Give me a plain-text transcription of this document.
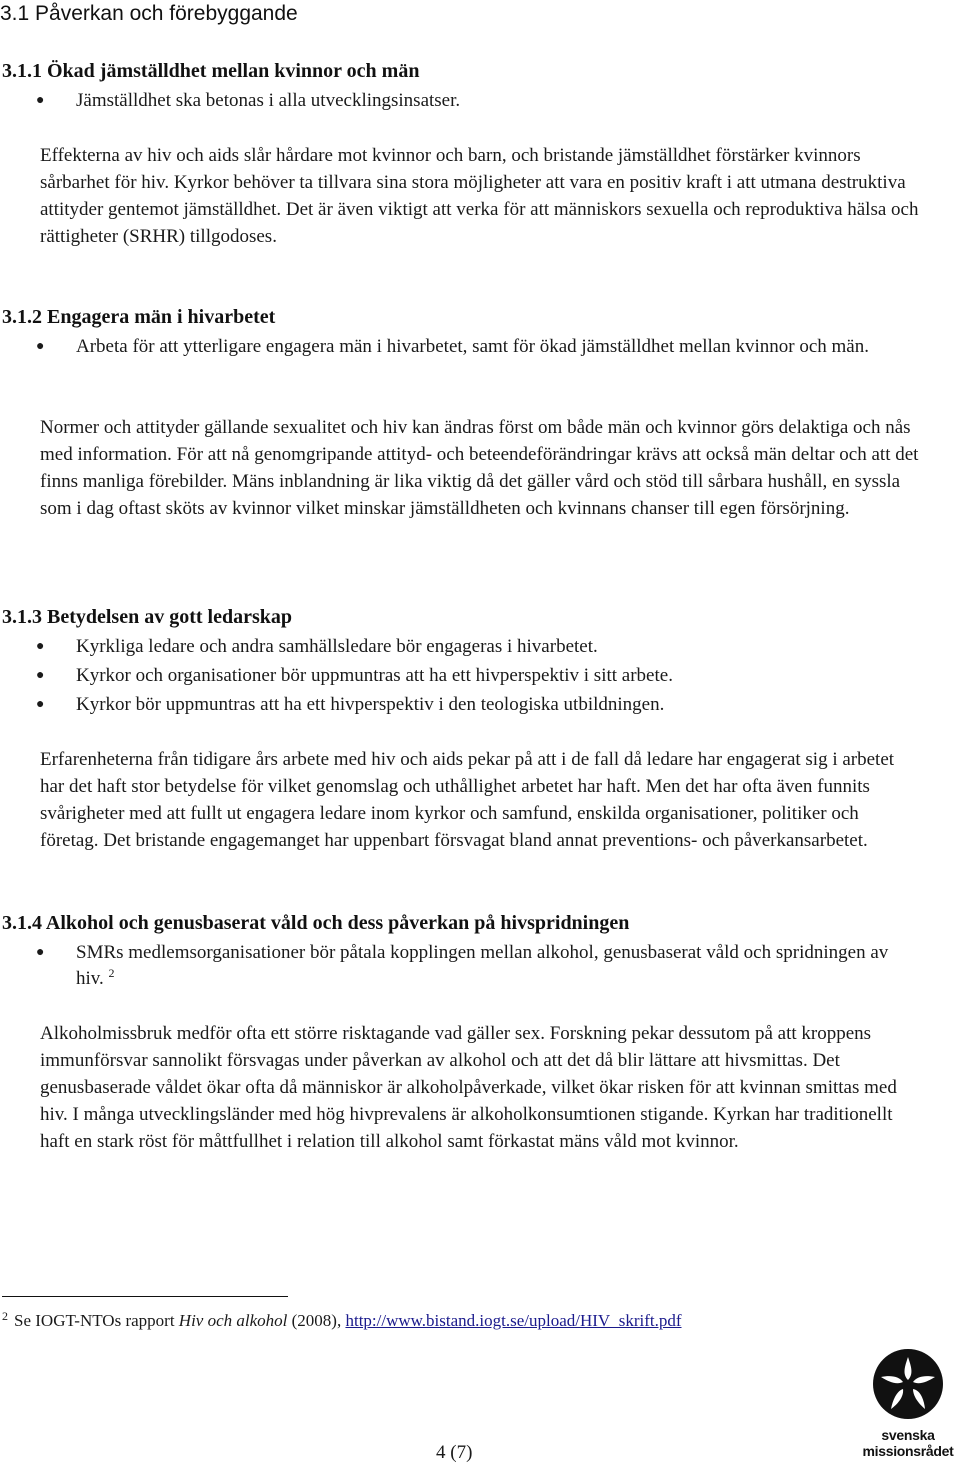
3.1 Påverkan och förebyggande
3.1.1 Ökad jämställdhet mellan kvinnor och män
● Jämställdhet ska betonas i alla utvecklingsinsatser.

Effekterna av hiv och aids slår hårdare mot kvinnor och barn, och bristande jämställdhet förstärker kvinnors sårbarhet för hiv. Kyrkor behöver ta tillvara sina stora möjligheter att vara en positiv kraft i att utmana destruktiva attityder gentemot jämställdhet. Det är även viktigt att verka för att människors sexuella och reproduktiva hälsa och rättigheter (SRHR) tillgodoses.

3.1.2 Engagera män i hivarbetet
● Arbeta för att ytterligare engagera män i hivarbetet, samt för ökad jämställdhet mellan kvinnor och män.

Normer och attityder gällande sexualitet och hiv kan ändras först om både män och kvinnor görs delaktiga och nås med information. För att nå genomgripande attityd- och beteendeförändringar krävs att också män deltar och att det finns manliga förebilder. Mäns inblandning är lika viktig då det gäller vård och stöd till sårbara hushåll, en syssla som i dag oftast sköts av kvinnor vilket minskar jämställdheten och kvinnans chanser till egen försörjning.

3.1.3 Betydelsen av gott ledarskap
● Kyrkliga ledare och andra samhällsledare bör engageras i hivarbetet.
● Kyrkor och organisationer bör uppmuntras att ha ett hivperspektiv i sitt arbete.
● Kyrkor bör uppmuntras att ha ett hivperspektiv i den teologiska utbildningen.

Erfarenheterna från tidigare års arbete med hiv och aids pekar på att i de fall då ledare har engagerat sig i arbetet har det haft stor betydelse för vilket genomslag och uthållighet arbetet har haft. Men det har ofta även funnits svårigheter med att fullt ut engagera ledare inom kyrkor och samfund, enskilda organisationer, politiker och företag. Det bristande engagemanget har uppenbart försvagat bland annat preventions- och påverkansarbetet.

3.1.4 Alkohol och genusbaserat våld och dess påverkan på hivspridningen
● SMRs medlemsorganisationer bör påtala kopplingen mellan alkohol, genusbaserat våld och spridningen av hiv. $^2$

Alkoholmissbruk medför ofta ett större risktagande vad gäller sex. Forskning pekar dessutom på att kroppens immunförsvar sannolikt försvagas under påverkan av alkohol och att det då blir lättare att hivsmittas. Det genusbaserade våldet ökar ofta då människor är alkoholpåverkade, vilket ökar risken för att kvinnan smittas med hiv. I många utvecklingsländer med hög hivprevalens är alkoholkonsumtionen stigande. Kyrkan har traditionellt haft en stark röst för måttfullhet i relation till alkohol samt förkastat mäns våld mot kvinnor.

$^2$ Se IOGT-NTOs rapport Hiv och alkohol (2008), http://www.bistand.iogt.se/upload/HIV_skrift.pdf

4 (7)

svenska
missionsrådet
